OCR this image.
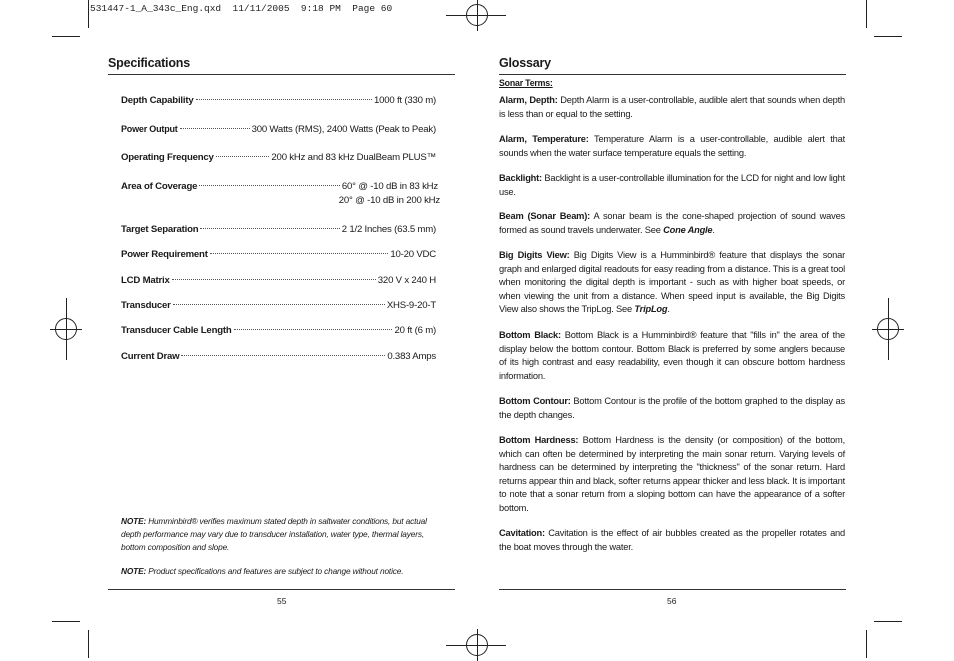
531447-1_A_343c_Eng.qxd  11/11/2005  9:18 PM  Page 60
Specifications
Depth Capability	1000 ft (330 m)
Power Output	300 Watts (RMS), 2400 Watts (Peak to Peak)
Operating Frequency	200 kHz and 83 kHz DualBeam PLUS™
Area of Coverage	60° @ -10 dB in 83 kHz
20° @ -10 dB in 200 kHz
Target Separation	2 1/2 Inches (63.5 mm)
Power Requirement	10-20 VDC
LCD Matrix	320 V x 240 H
Transducer	XHS-9-20-T
Transducer Cable Length	20 ft (6 m)
Current Draw	0.383 Amps
NOTE: Humminbird® verifies maximum stated depth in saltwater conditions, but actual depth performance may vary due to transducer installation, water type, thermal layers, bottom composition and slope.
NOTE: Product specifications and features are subject to change without notice.
55
Glossary
Sonar Terms:
Alarm, Depth: Depth Alarm is a user-controllable, audible alert that sounds when depth is less than or equal to the setting.
Alarm, Temperature: Temperature Alarm is a user-controllable, audible alert that sounds when the water surface temperature equals the setting.
Backlight: Backlight is a user-controllable illumination for the LCD for night and low light use.
Beam (Sonar Beam): A sonar beam is the cone-shaped projection of sound waves formed as sound travels underwater. See Cone Angle.
Big Digits View: Big Digits View is a Humminbird® feature that displays the sonar graph and enlarged digital readouts for easy reading from a distance. This is a great tool when monitoring the digital depth is important - such as with higher boat speeds, or when viewing the unit from a distance. When speed input is available, the Big Digits View also shows the TripLog. See TripLog.
Bottom Black: Bottom Black is a Humminbird® feature that "fills in" the area of the display below the bottom contour. Bottom Black is preferred by some anglers because of its high contrast and easy readability, even though it can obscure bottom hardness information.
Bottom Contour: Bottom Contour is the profile of the bottom graphed to the display as the depth changes.
Bottom Hardness: Bottom Hardness is the density (or composition) of the bottom, which can often be determined by interpreting the main sonar return. Varying levels of hardness can be determined by interpreting the "thickness" of the sonar return. Hard returns appear thin and black, softer returns appear thicker and less black. It is important to note that a sonar return from a sloping bottom can have the appearance of a softer bottom.
Cavitation: Cavitation is the effect of air bubbles created as the propeller rotates and the boat moves through the water.
56
